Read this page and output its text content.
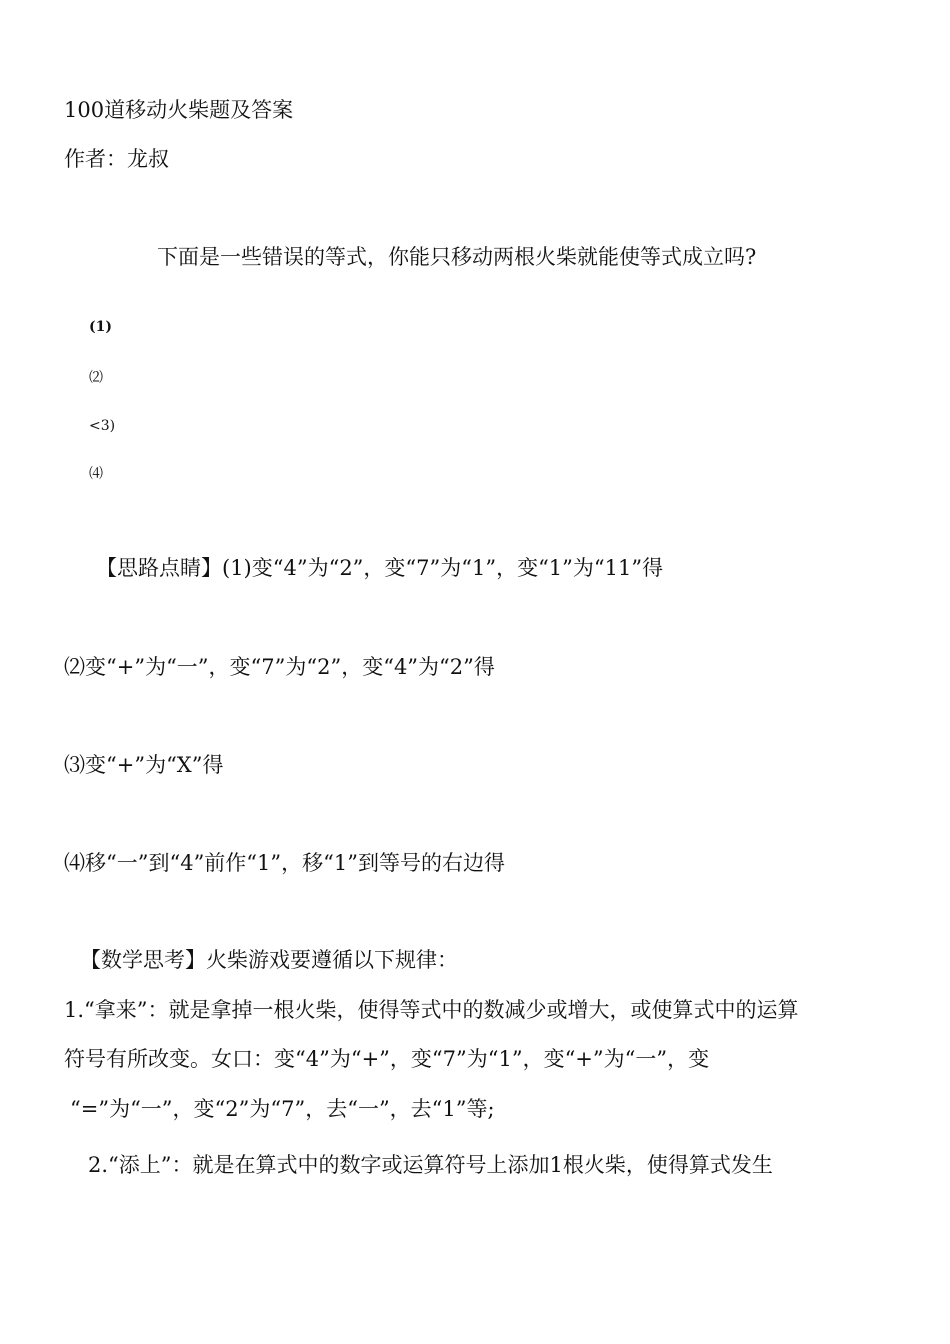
100道移动火柴题及答案
作者：龙叔
下面是一些错误的等式，你能只移动两根火柴就能使等式成立吗?
(1)
⑵
<3)
⑷
【思路点睛】(1)变“4”为“2”，变“7”为“1”，变“1”为“11”得
⑵变“+”为“一”，变“7”为“2”，变“4”为“2”得
⑶变“+”为“X”得
⑷移“一”到“4”前作“1”，移“1”到等号的右边得
【数学思考】火柴游戏要遵循以下规律：
1.“拿来”：就是拿掉一根火柴，使得等式中的数减少或增大，或使算式中的运算
符号有所改变。女口：变“4”为“+”，变“7”为“1”，变“+”为“一”，变
“=”为“一”，变“2”为“7”，去“一”，去“1”等;
2.“添上”：就是在算式中的数字或运算符号上添加1根火柴，使得算式发生
